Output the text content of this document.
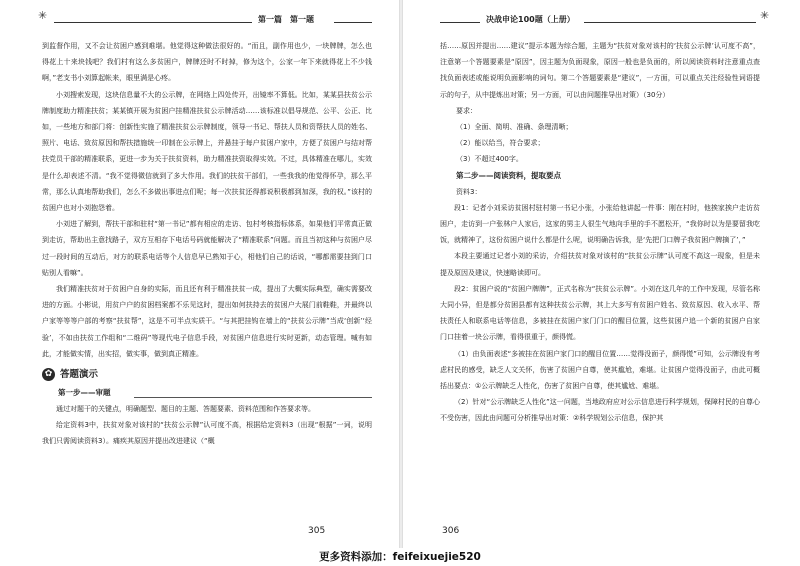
✳	第一篇　第一题

到监督作用，又不会让贫困户感到难堪。他觉得这种做法很好的。“而且，副作用也少，一块牌牌，怎么也得花上十来块钱吧？我们村有这么多贫困户，牌牌还时不时掉，修为这个，公家一年下来就得花上不少钱啊，”老支书小刘算起帐来，眼里满是心疼。

小刘搜索发现，这块信息量不大的公示牌，在网络上四处传开，出镜率不算低。比如，某某县扶贫公示牌制度助力精准扶贫；某某镇开展为贫困户挂精准扶贫公示牌活动……该标准以倡导规范、公平、公正、比如，一些地方和部门将：创新性实施了精准扶贫公示牌制度，领导一书记、帮扶人员和资帮扶人员的姓名、照片、电话、致贫原因和帮扶措施统一印制在公示牌上，并悬挂于每户贫困户家中，方便了贫困户与结对帮扶党员干部的精准联系，更进一步为关于扶贫资料，助力精准扶资取得实效。不过，具体精准在哪儿，实效是什么却表述不清。“我不觉得微信就到了多大作用。我们的扶贫干部们，一些我我的他觉得怀孕，那么平常，那么认真地帮助我们，怎么不多做出事进点们呢；每一次扶贫还得都说积极都到加深，我的权。”该村的贫困户也对小刘抱怨着。

小刘进了解到，帮扶干部和驻村“第一书记”都有相应的走访、包村考核指标体系，如果他们平常真正做到走访，帮助出主意找路子，双方互相存下电话号码就能解决了“精准联系”问题。而且当初这种与贫困户尽过一段时间的互动后，对方的联系电话等个人信息早已熟知于心，相他们自己的话说，“哪都需要挂到门口贴别人看嘛”。

我们精准扶贫对于贫困户自身的实际，而且还有利于精准扶贫一成，提出了大概实际典型，确实需要改进的方面。小彬说，用贫户户的贫困档案都不乐见这时，提出如何扶持去的贫困户大展门前鞋鞋，并最终以户家等等等户部的考察“扶贫帮”，这是不可半点实质干。“与其把挂钩在墙上的“扶贫公示牌”当成‘创新’‘经验’，不如由扶贫工作组和“二维码”等现代电子信息手段，对贫困户信息进行实时更新，动态管理。喊有如此，才能做实情，出实招，做实事，做到真正精准。

✿ 答题演示
第一步——审题

通过对题干的关键点，明确题型、题目的主题、答题要素、资料范围和作答要求等。

给定资料3中，扶贫对象对该村的“扶贫公示牌”认可度不高，根据给定资料3（出现“根据”一词，说明我们只需阅读资料3）。痛疾其原因并提出改进建议（“概

305
决战申论100题（上册）	✳

括……原因并提出……建议”提示本题为综合题，主题为“扶贫对象对该村的‘扶贫公示牌’认可度不高”，注意第一个答题要素是“原因”，因主题为负面现象，原因一般也是负面的，所以阅读资料时注意重点查找负面表述或能说明负面影响的词句。第二个答题要素是“建议”，一方面，可以重点关注经验性词语提示的句子，从中提炼出对策；另一方面，可以由问题推导出对策）（30分）

要求：

（1）全面、简明、准确、条理清晰；

（2）能以给当，符合要求；

（3）不超过400字。

第二步——阅读资料，提取要点

资料3：

段1：记者小刘采访贫困村驻村第一书记小张，小张给他讲起一件事：刚在村时，他挨家挨户走访贫困户，走访到一户张林户人家后，这家的男主人很生气地向手里的手不愿松开，“我你时以为是要留我吃饭，就精神了，这份贫困户说什么都是什么呢，说明确告诉我，是‘先把门口牌子我贫困户牌摘了’，”

本段主要通过记者小刘的采访，介绍扶贫对象对该村的“扶贫公示牌”认可度不高这一现象，但是未提及原因及建议，快速略读即可。

段2：贫困户说的“贫困户牌牌”，正式名称为“扶贫公示牌”。小刘在这几年的工作中发现，尽管名称大同小异，但是都分贫困县都有这种扶贫公示牌，其上大多写有贫困户姓名、致贫原因、收入水平、帮扶责任人和联系电话等信息，多被挂在贫困户家门门口的醒目位置，这些贫困户追一个新的贫困户自家门口挂着一块公示牌，看得很重于，颜得慌。

（1）由负面表述“多被挂在贫困户家门口的醒目位置……觉得没面子，颜得慌”可知，公示牌没有考虑村民的感受，缺乏人文关怀，伤害了贫困户自尊，使其尴尬，难堪。让贫困户觉得没面子，由此可概括出要点：①公示牌缺乏人性化，伤害了贫困户自尊，使其尴尬、难堪。

（2）针对“公示牌缺乏人性化”这一问题，当地政府应对公示信息进行科学规划，保障村民的自尊心不受伤害，因此由问题可分析推导出对策：②科学规划公示信息，保护其

306
更多资料添加：feifeixuejie520
